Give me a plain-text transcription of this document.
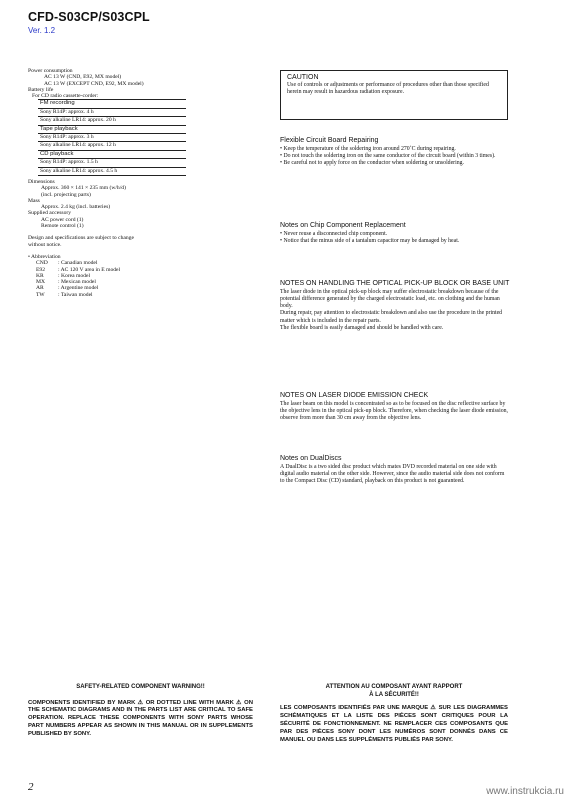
CFD-S03CP/S03CPL
Ver. 1.2
Power consumption
AC 13 W (CND, E92, MX model)
AC 13 W (EXCEPT CND, E92, MX model)
Battery life
For CD radio cassette-corder:
FM recording
Sony R14P: approx. 4 h
Sony alkaline LR14: approx. 20 h
Tape playback
Sony R14P: approx. 3 h
Sony alkaline LR14: approx. 12 h
CD playback
Sony R14P: approx. 1.5 h
Sony alkaline LR14: approx. 4.5 h
Dimensions
Approx. 360 × 141 × 235 mm (w/h/d)
(incl. projecting parts)
Mass
Approx. 2.4 kg (incl. batteries)
Supplied accessory
AC power cord (1)
Remote control (1)
Design and specifications are subject to change
without notice.
• Abbreviation
CND	: Canadian model
E92	: AC 120 V area in E model
KR	: Korea model
MX	: Mexican model
AR	: Argentine model
TW	: Taiwan model
CAUTION
Use of controls or adjustments or performance of procedures other than those specified herein may result in hazardous radiation exposure.
Flexible Circuit Board Repairing
• Keep the temperature of the soldering iron around 270˚C during repairing.
• Do not touch the soldering iron on the same conductor of the circuit board (within 3 times).
• Be careful not to apply force on the conductor when soldering or unsoldering.
Notes on Chip Component Replacement
• Never reuse a disconnected chip component.
• Notice that the minus side of a tantalum capacitor may be damaged by heat.
NOTES ON HANDLING THE OPTICAL PICK-UP BLOCK OR BASE UNIT
The laser diode in the optical pick-up block may suffer electrostatic breakdown because of the potential difference generated by the charged electrostatic load, etc. on clothing and the human body.
During repair, pay attention to electrostatic breakdown and also use the procedure in the printed matter which is included in the repair parts.
The flexible board is easily damaged and should be handled with care.
NOTES ON LASER DIODE EMISSION CHECK
The laser beam on this model is concentrated so as to be focused on the disc reflective surface by the objective lens in the optical pick-up block. Therefore, when checking the laser diode emission, observe from more than 30 cm away from the objective lens.
Notes on DualDiscs
A DualDisc is a two sided disc product which mates DVD recorded material on one side with digital audio material on the other side. However, since the audio material side does not conform to the Compact Disc (CD) standard, playback on this product is not guaranteed.
SAFETY-RELATED COMPONENT WARNING!!
COMPONENTS IDENTIFIED BY MARK ⚠ OR DOTTED LINE WITH MARK ⚠ ON THE SCHEMATIC DIAGRAMS AND IN THE PARTS LIST ARE CRITICAL TO SAFE OPERATION. REPLACE THESE COMPONENTS WITH SONY PARTS WHOSE PART NUMBERS APPEAR AS SHOWN IN THIS MANUAL OR IN SUPPLEMENTS PUBLISHED BY SONY.
ATTENTION AU COMPOSANT AYANT RAPPORT
À LA SÉCURITÉ!!
LES COMPOSANTS IDENTIFIÉS PAR UNE MARQUE ⚠ SUR LES DIAGRAMMES SCHÉMATIQUES ET LA LISTE DES PIÈCES SONT CRITIQUES POUR LA SÉCURITÉ DE FONCTIONNEMENT. NE REMPLACER CES COMPOSANTS QUE PAR DES PIÈCES SONY DONT LES NUMÉROS SONT DONNÉS DANS CE MANUEL OU DANS LES SUPPLÉMENTS PUBLIÉS PAR SONY.
2	www.instrukcia.ru
